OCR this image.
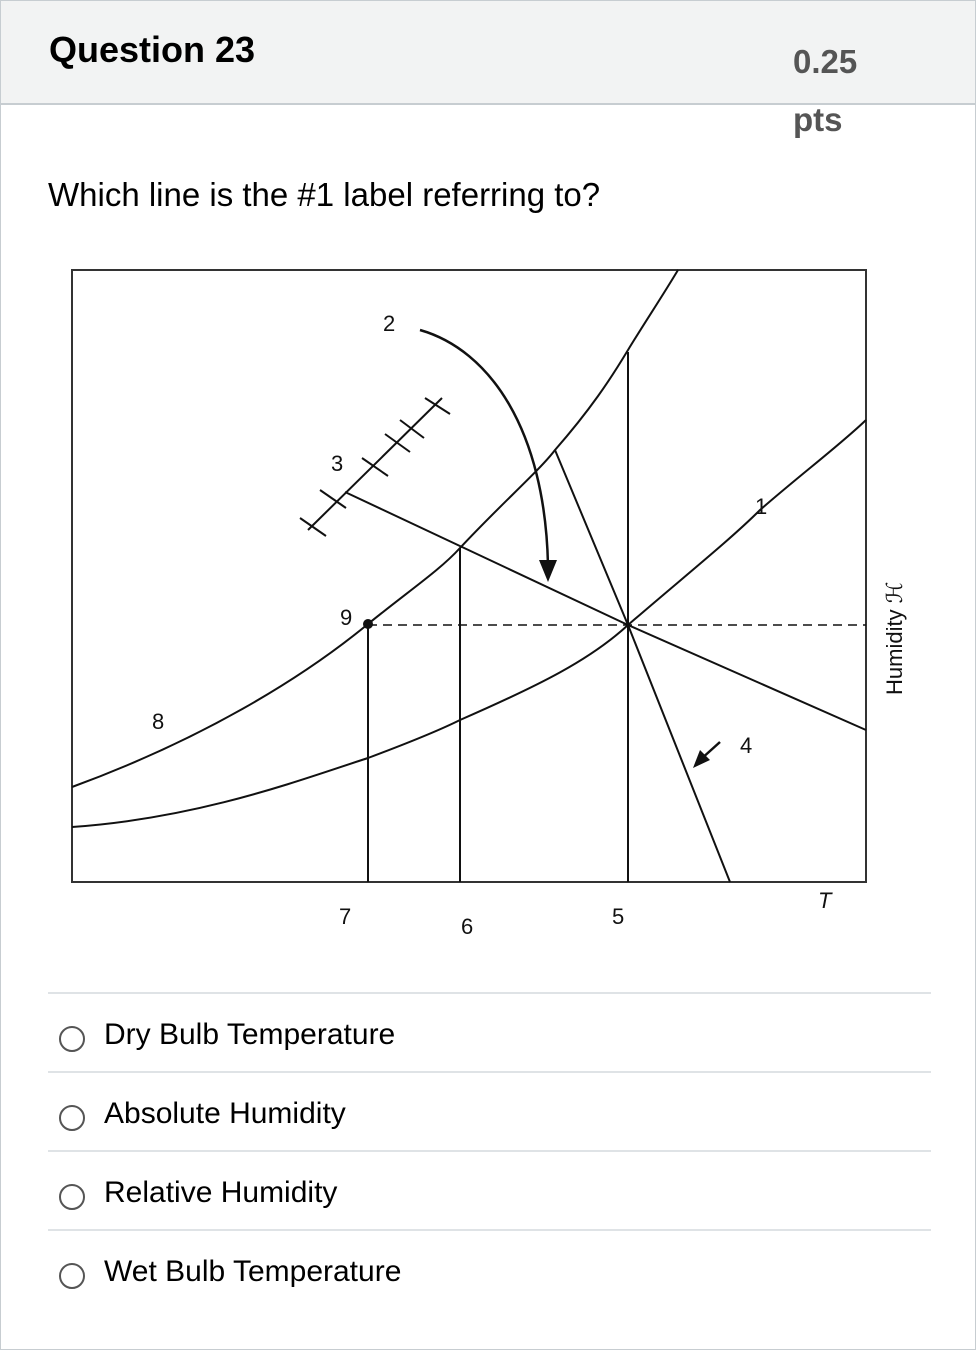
Question 23	0.25 pts
Which line is the #1 label referring to?
2
3
1
9
8
4
7	6	5
T
Humidity ℋ
Dry Bulb Temperature
Absolute Humidity
Relative Humidity
Wet Bulb Temperature
